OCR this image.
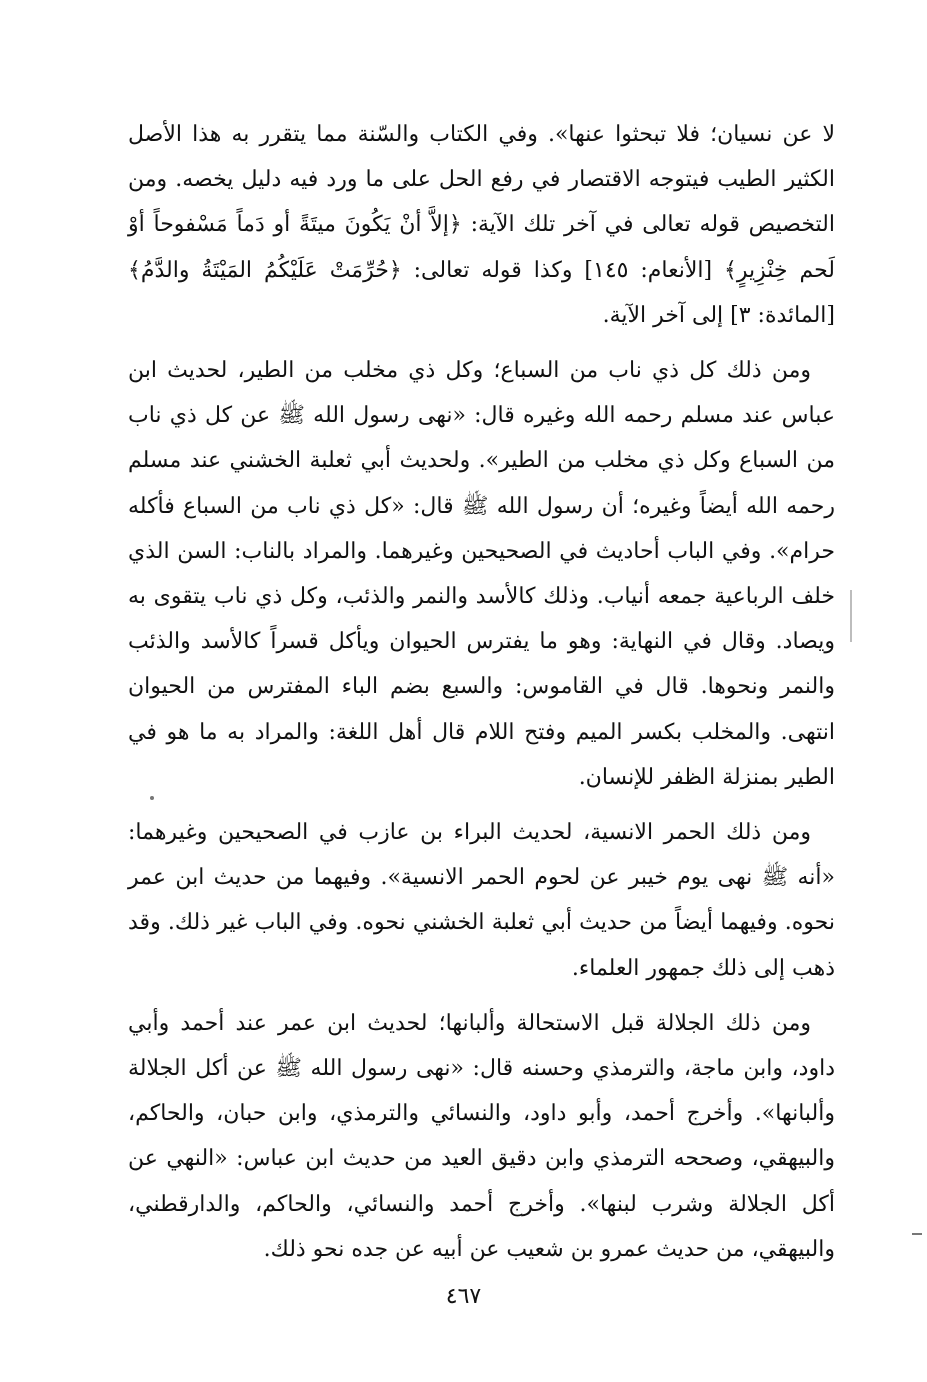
لا عن نسيان؛ فلا تبحثوا عنها». وفي الكتاب والسّنة مما يتقرر به هذا الأصل الكثير الطيب فيتوجه الاقتصار في رفع الحل على ما ورد فيه دليل يخصه. ومن التخصيص قوله تعالى في آخر تلك الآية: ﴿إلاَّ أنْ يَكُونَ ميتَةً أو دَماً مَسْفوحاً أوْ لَحم خِنْزِيرٍ﴾ [الأنعام: ١٤٥] وكذا قوله تعالى: ﴿حُرِّمَتْ عَلَيْكُمُ المَيْتَةُ والدَّمُ﴾ [المائدة: ٣] إلى آخر الآية.

ومن ذلك كل ذي ناب من السباع؛ وكل ذي مخلب من الطير، لحديث ابن عباس عند مسلم رحمه الله وغيره قال: «نهى رسول الله ﷺ عن كل ذي ناب من السباع وكل ذي مخلب من الطير». ولحديث أبي ثعلبة الخشني عند مسلم رحمه الله أيضاً وغيره؛ أن رسول الله ﷺ قال: «كل ذي ناب من السباع فأكله حرام». وفي الباب أحاديث في الصحيحين وغيرهما. والمراد بالناب: السن الذي خلف الرباعية جمعه أنياب. وذلك كالأسد والنمر والذئب، وكل ذي ناب يتقوى به ويصاد. وقال في النهاية: وهو ما يفترس الحيوان ويأكل قسراً كالأسد والذئب والنمر ونحوها. قال في القاموس: والسبع بضم الباء المفترس من الحيوان انتهى. والمخلب بكسر الميم وفتح اللام قال أهل اللغة: والمراد به ما هو في الطير بمنزلة الظفر للإنسان.

ومن ذلك الحمر الانسية، لحديث البراء بن عازب في الصحيحين وغيرهما: «أنه ﷺ نهى يوم خيبر عن لحوم الحمر الانسية». وفيهما من حديث ابن عمر نحوه. وفيهما أيضاً من حديث أبي ثعلبة الخشني نحوه. وفي الباب غير ذلك. وقد ذهب إلى ذلك جمهور العلماء.

ومن ذلك الجلالة قبل الاستحالة وألبانها؛ لحديث ابن عمر عند أحمد وأبي داود، وابن ماجة، والترمذي وحسنه قال: «نهى رسول الله ﷺ عن أكل الجلالة وألبانها». وأخرج أحمد، وأبو داود، والنسائي والترمذي، وابن حبان، والحاكم، والبيهقي، وصححه الترمذي وابن دقيق العيد من حديث ابن عباس: «النهي عن أكل الجلالة وشرب لبنها». وأخرج أحمد والنسائي، والحاكم، والدارقطني، والبيهقي، من حديث عمرو بن شعيب عن أبيه عن جده نحو ذلك.

٤٦٧
